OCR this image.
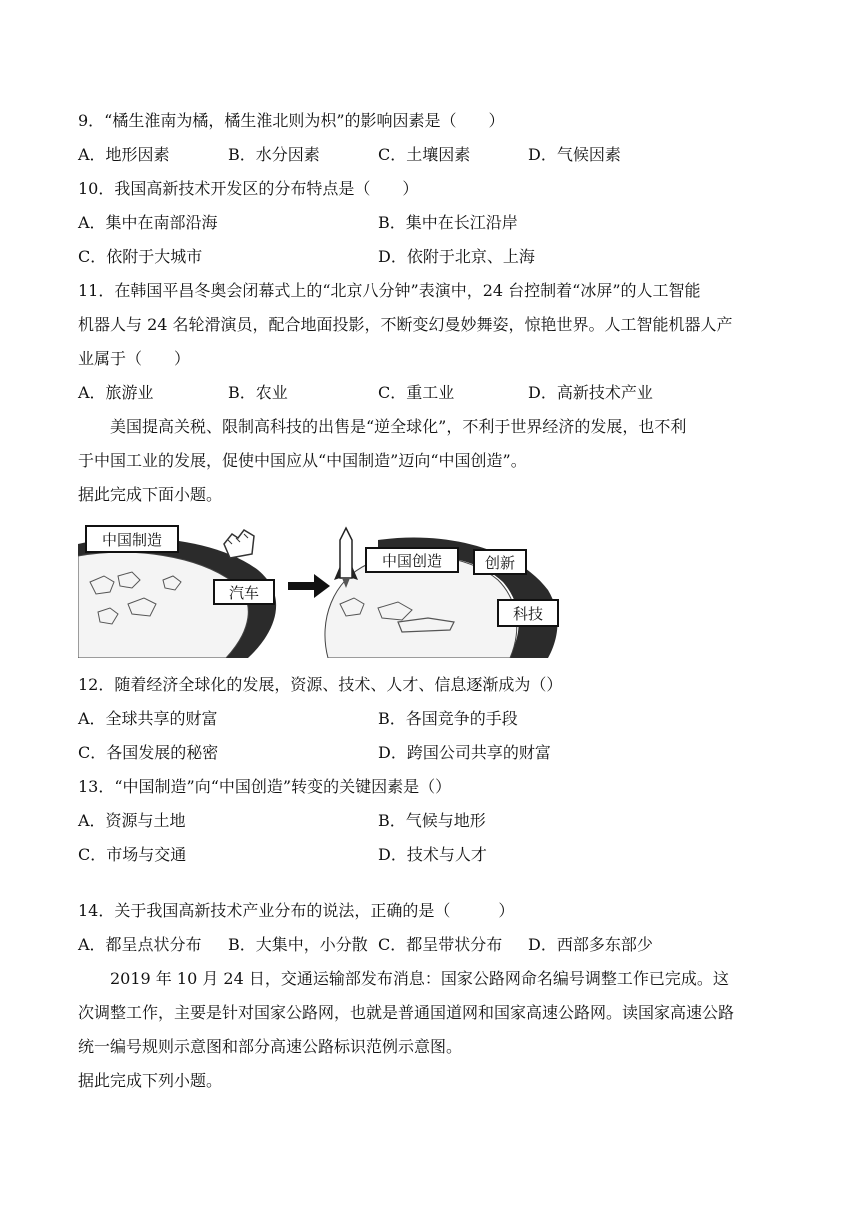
9．“橘生淮南为橘，橘生淮北则为枳”的影响因素是（　　）
A．地形因素	B．水分因素	C．土壤因素	D．气候因素
10．我国高新技术开发区的分布特点是（　　）
A．集中在南部沿海	B．集中在长江沿岸
C．依附于大城市	D．依附于北京、上海
11．在韩国平昌冬奥会闭幕式上的“北京八分钟”表演中，24 台控制着“冰屏”的人工智能
机器人与 24 名轮滑演员，配合地面投影，不断变幻曼妙舞姿，惊艳世界。人工智能机器人产
业属于（　　）
A．旅游业	B．农业	C．重工业	D．高新技术产业
美国提高关税、限制高科技的出售是“逆全球化”，不利于世界经济的发展，也不利
于中国工业的发展，促使中国应从“中国制造”迈向“中国创造”。
据此完成下面小题。
中国制造
汽车
中国创造	创新
科技
12．随着经济全球化的发展，资源、技术、人才、信息逐渐成为（）
A．全球共享的财富	B．各国竞争的手段
C．各国发展的秘密	D．跨国公司共享的财富
13．“中国制造”向“中国创造”转变的关键因素是（）
A．资源与土地	B．气候与地形
C．市场与交通	D．技术与人才
14．关于我国高新技术产业分布的说法，正确的是（　　　）
A．都呈点状分布 B．大集中，小分散 C．都呈带状分布 D．西部多东部少
2019 年 10 月 24 日，交通运输部发布消息：国家公路网命名编号调整工作已完成。这
次调整工作，主要是针对国家公路网，也就是普通国道网和国家高速公路网。读国家高速公路
统一编号规则示意图和部分高速公路标识范例示意图。
据此完成下列小题。
